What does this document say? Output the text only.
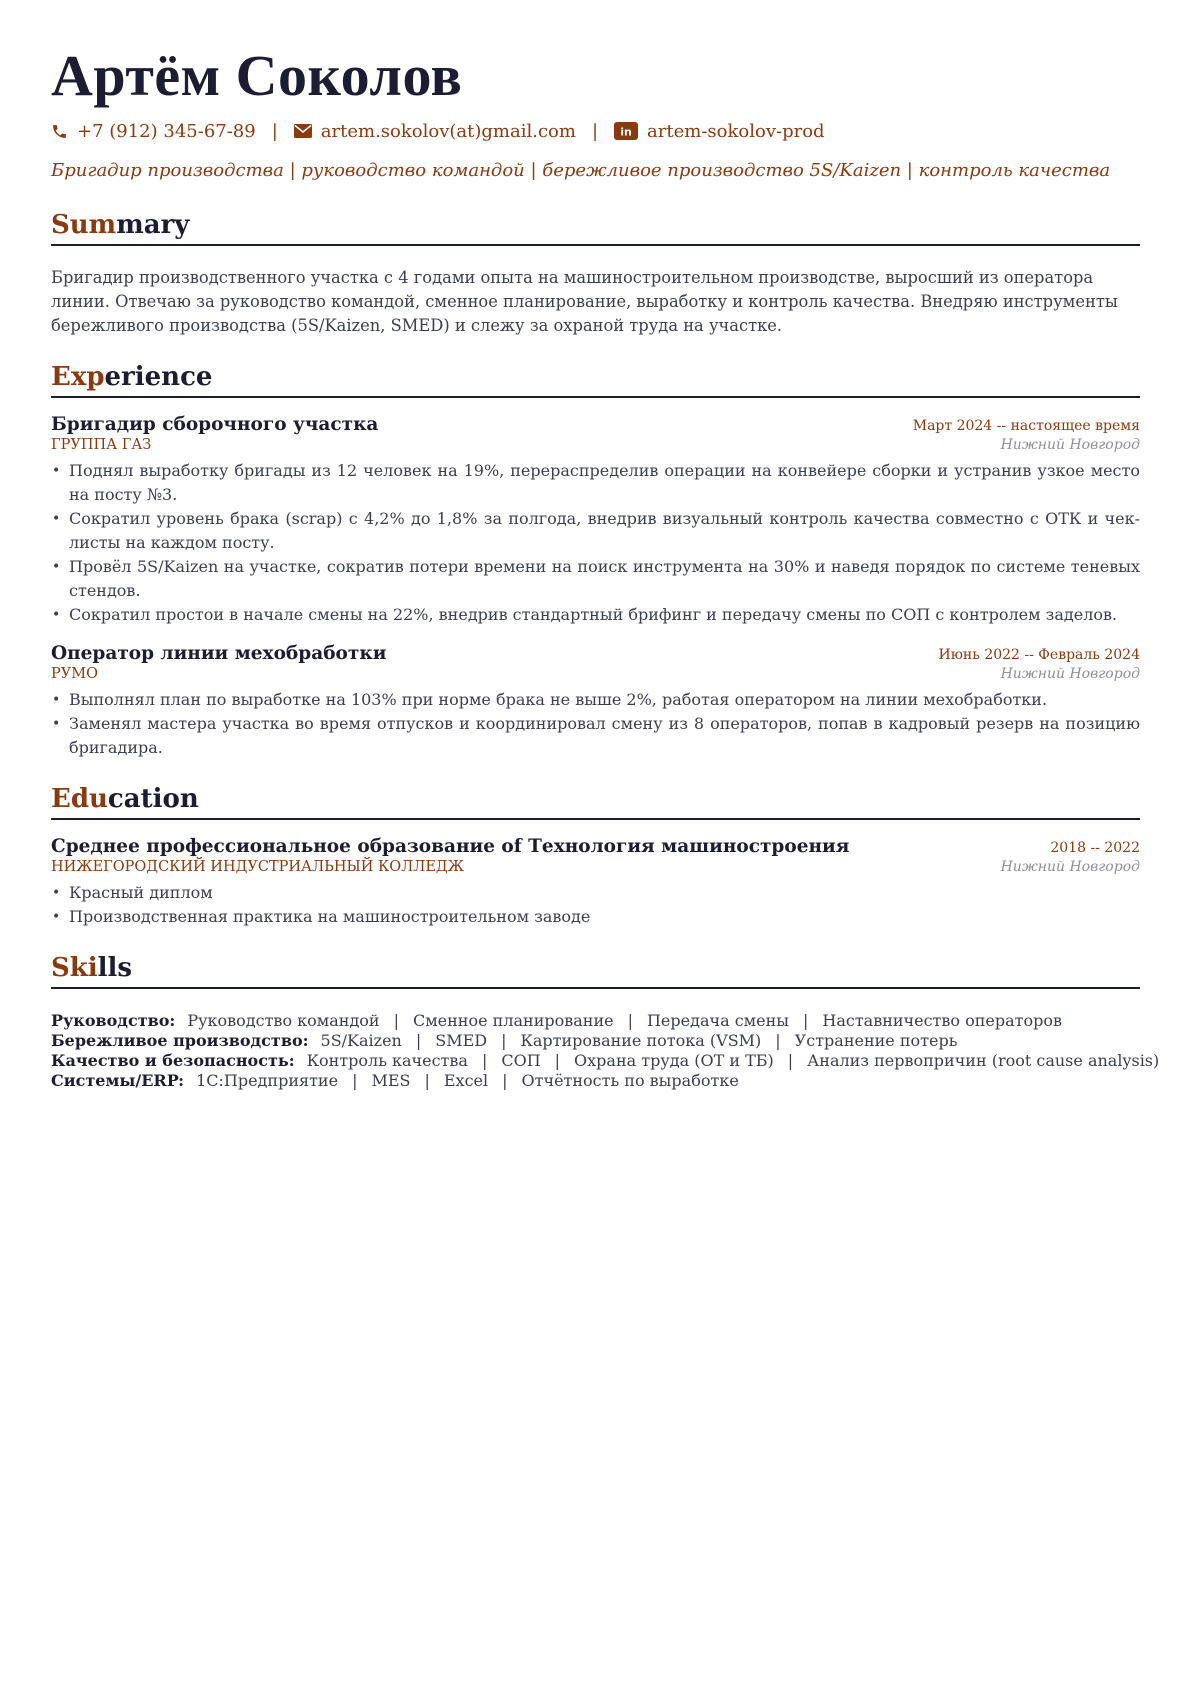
Артём Соколов
+7 (912) 345-67-89 | artem.sokolov(at)gmail.com | in artem-sokolov-prod
Бригадир производства | руководство командой | бережливое производство 5S/Kaizen | контроль качества
Summary
Бригадир производственного участка с 4 годами опыта на машиностроительном производстве, выросший из оператора линии. Отвечаю за руководство командой, сменное планирование, выработку и контроль качества. Внедряю инструменты бережливого производства (5S/Kaizen, SMED) и слежу за охраной труда на участке.
Experience
Бригадир сборочного участка	Март 2024 -- настоящее время
ГРУППА ГАЗ	Нижний Новгород
• Поднял выработку бригады из 12 человек на 19%, перераспределив операции на конвейере сборки и устранив узкое место на посту №3.
• Сократил уровень брака (scrap) с 4,2% до 1,8% за полгода, внедрив визуальный контроль качества совместно с ОТК и чек-листы на каждом посту.
• Провёл 5S/Kaizen на участке, сократив потери времени на поиск инструмента на 30% и наведя порядок по системе теневых стендов.
• Сократил простои в начале смены на 22%, внедрив стандартный брифинг и передачу смены по СОП с контролем заделов.
Оператор линии мехобработки	Июнь 2022 -- Февраль 2024
РУМО	Нижний Новгород
• Выполнял план по выработке на 103% при норме брака не выше 2%, работая оператором на линии мехобработки.
• Заменял мастера участка во время отпусков и координировал смену из 8 операторов, попав в кадровый резерв на позицию бригадира.
Education
Среднее профессиональное образование of Технология машиностроения	2018 -- 2022
НИЖЕГОРОДСКИЙ ИНДУСТРИАЛЬНЫЙ КОЛЛЕДЖ	Нижний Новгород
• Красный диплом
• Производственная практика на машиностроительном заводе
Skills
Руководство: Руководство командой | Сменное планирование | Передача смены | Наставничество операторов
Бережливое производство: 5S/Kaizen | SMED | Картирование потока (VSM) | Устранение потерь
Качество и безопасность: Контроль качества | СОП | Охрана труда (ОТ и ТБ) | Анализ первопричин (root cause analysis)
Системы/ERP: 1С:Предприятие | MES | Excel | Отчётность по выработке
